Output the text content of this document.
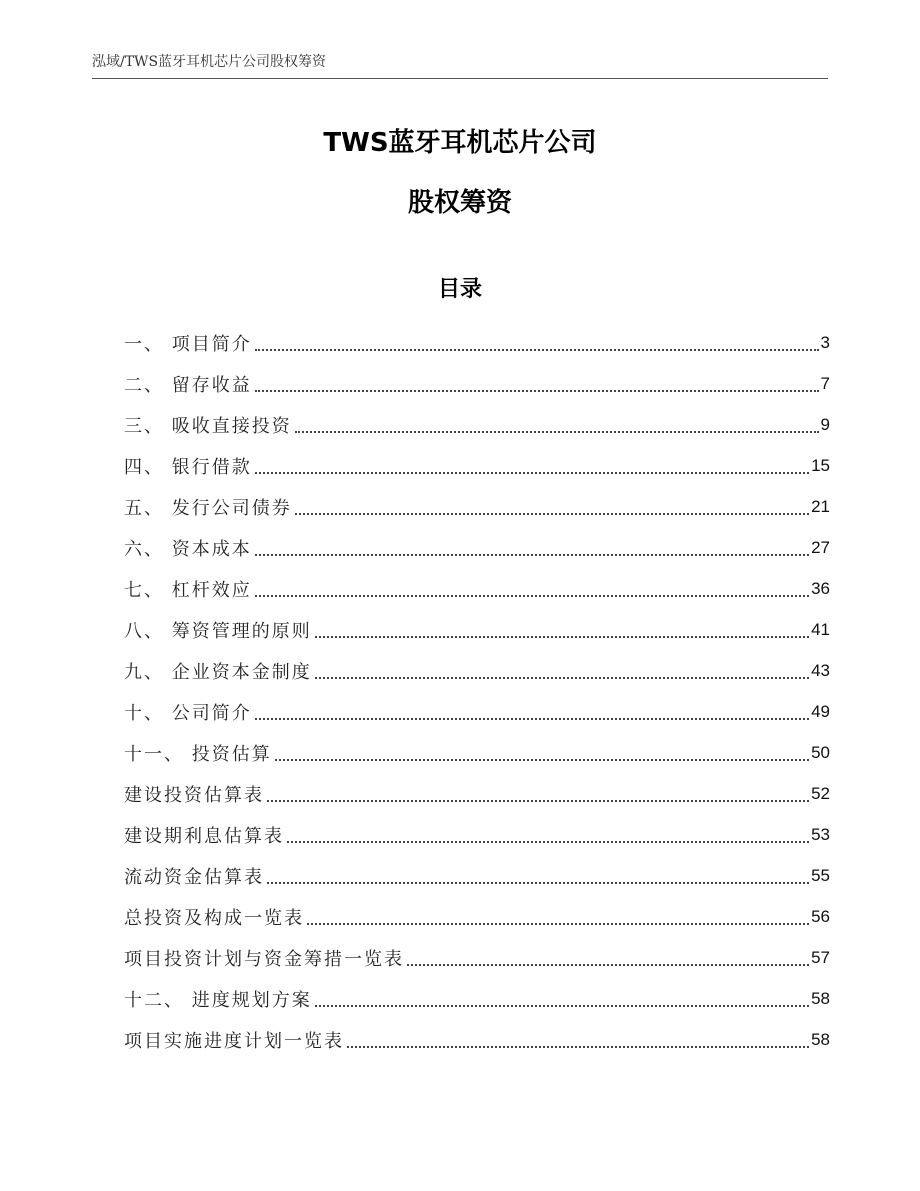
泓域/TWS蓝牙耳机芯片公司股权筹资
TWS蓝牙耳机芯片公司
股权筹资
目录
一、 项目简介	3
二、 留存收益	7
三、 吸收直接投资	9
四、 银行借款	15
五、 发行公司债券	21
六、 资本成本	27
七、 杠杆效应	36
八、 筹资管理的原则	41
九、 企业资本金制度	43
十、 公司简介	49
十一、 投资估算	50
建设投资估算表	52
建设期利息估算表	53
流动资金估算表	55
总投资及构成一览表	56
项目投资计划与资金筹措一览表	57
十二、 进度规划方案	58
项目实施进度计划一览表	58
